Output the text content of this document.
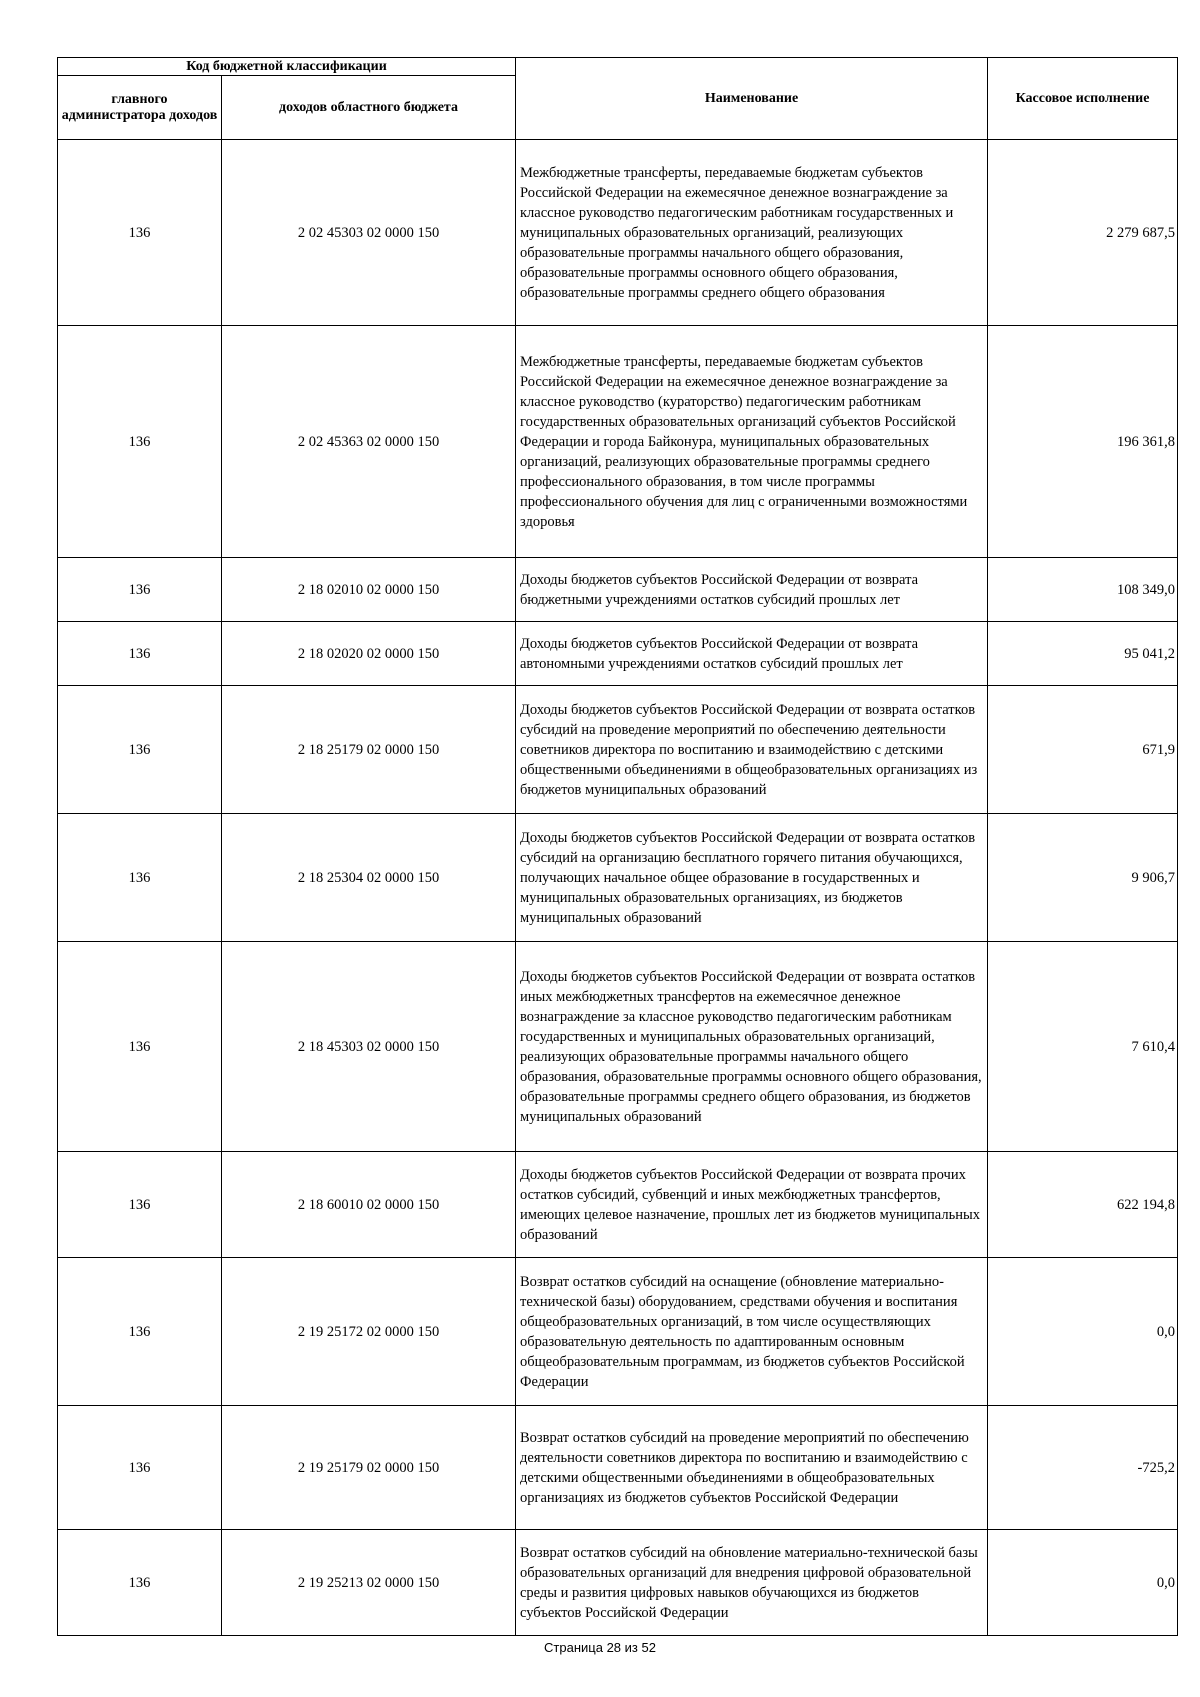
Код бюджетной классификации		Наименование	Кассовое исполнение
главного администратора доходов	доходов областного бюджета		
136	2 02 45303 02 0000 150	Межбюджетные трансферты, передаваемые бюджетам субъектов Российской Федерации на ежемесячное денежное вознаграждение за классное руководство педагогическим работникам государственных и муниципальных образовательных организаций, реализующих образовательные программы начального общего образования, образовательные программы основного общего образования, образовательные программы среднего общего образования	2 279 687,5
136	2 02 45363 02 0000 150	Межбюджетные трансферты, передаваемые бюджетам субъектов Российской Федерации на ежемесячное денежное вознаграждение за классное руководство (кураторство) педагогическим работникам государственных образовательных организаций субъектов Российской Федерации и города Байконура, муниципальных образовательных организаций, реализующих образовательные программы среднего профессионального образования, в том числе программы профессионального обучения для лиц с ограниченными возможностями здоровья	196 361,8
136	2 18 02010 02 0000 150	Доходы бюджетов субъектов Российской Федерации от возврата бюджетными учреждениями остатков субсидий прошлых лет	108 349,0
136	2 18 02020 02 0000 150	Доходы бюджетов субъектов Российской Федерации от возврата автономными учреждениями остатков субсидий прошлых лет	95 041,2
136	2 18 25179 02 0000 150	Доходы бюджетов субъектов Российской Федерации от возврата остатков субсидий на проведение мероприятий по обеспечению деятельности советников директора по воспитанию и взаимодействию с детскими общественными объединениями в общеобразовательных организациях из бюджетов муниципальных образований	671,9
136	2 18 25304 02 0000 150	Доходы бюджетов субъектов Российской Федерации от возврата остатков субсидий на организацию бесплатного горячего питания обучающихся, получающих начальное общее образование в государственных и муниципальных образовательных организациях, из бюджетов муниципальных образований	9 906,7
136	2 18 45303 02 0000 150	Доходы бюджетов субъектов Российской Федерации от возврата остатков иных межбюджетных трансфертов на ежемесячное денежное вознаграждение за классное руководство педагогическим работникам государственных и муниципальных образовательных организаций, реализующих образовательные программы начального общего образования, образовательные программы основного общего образования, образовательные программы среднего общего образования, из бюджетов муниципальных образований	7 610,4
136	2 18 60010 02 0000 150	Доходы бюджетов субъектов Российской Федерации от возврата прочих остатков субсидий, субвенций и иных межбюджетных трансфертов, имеющих целевое назначение, прошлых лет из бюджетов муниципальных образований	622 194,8
136	2 19 25172 02 0000 150	Возврат остатков субсидий на оснащение (обновление материально-технической базы) оборудованием, средствами обучения и воспитания общеобразовательных организаций, в том числе осуществляющих образовательную деятельность по адаптированным основным общеобразовательным программам, из бюджетов субъектов Российской Федерации	0,0
136	2 19 25179 02 0000 150	Возврат остатков субсидий на проведение мероприятий по обеспечению деятельности советников директора по воспитанию и взаимодействию с детскими общественными объединениями в общеобразовательных организациях из бюджетов субъектов Российской Федерации	-725,2
136	2 19 25213 02 0000 150	Возврат остатков субсидий на обновление материально-технической базы образовательных организаций для внедрения цифровой образовательной среды и развития цифровых навыков обучающихся из бюджетов субъектов Российской Федерации	0,0
Страница 28 из 52
